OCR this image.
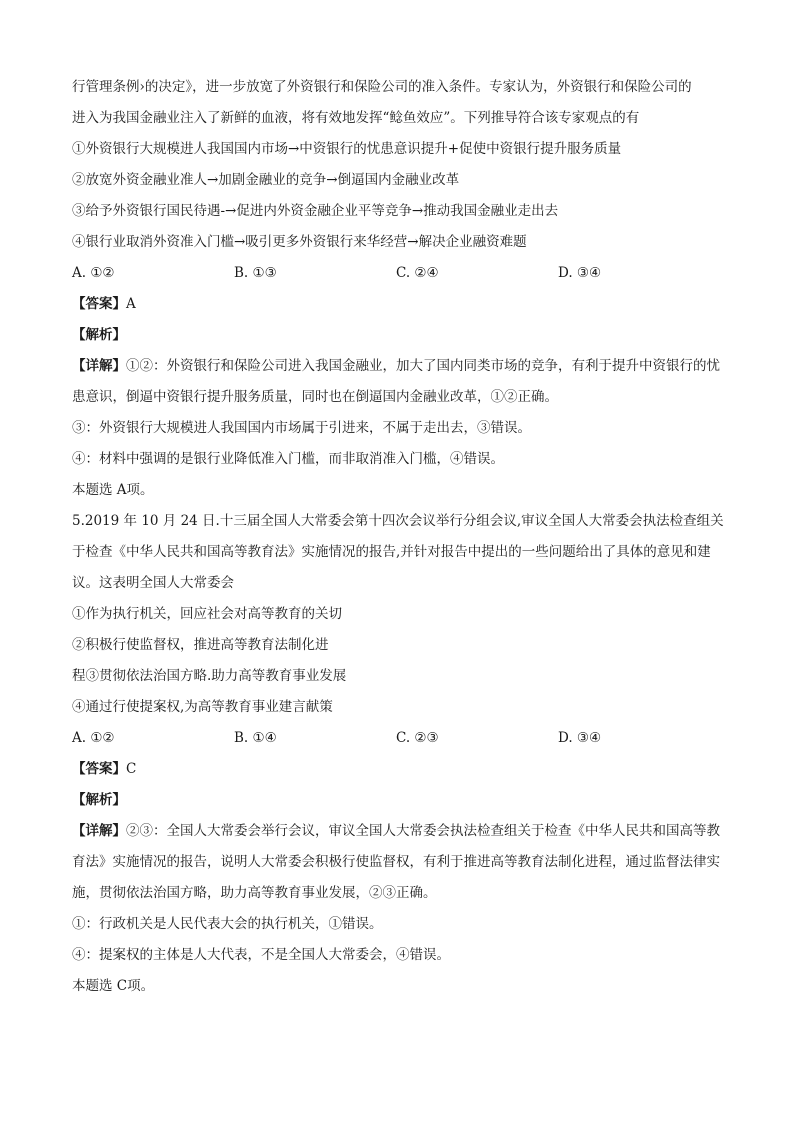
行管理条例›的决定》，进一步放宽了外资银行和保险公司的准入条件。专家认为，外资银行和保险公司的
进入为我国金融业注入了新鲜的血液，将有效地发挥“鲶鱼效应”。下列推导符合该专家观点的有
①外资银行大规模进人我国国内市场→中资银行的忧患意识提升+促使中资银行提升服务质量
②放宽外资金融业准人→加剧金融业的竞争→倒逼国内金融业改革
③给予外资银行国民待遇-→促进内外资金融企业平等竞争→推动我国金融业走出去
④银行业取消外资准入门槛→吸引更多外资银行来华经营→解决企业融资难题
A. ①②	B. ①③	C. ②④	D. ③④
【答案】A
【解析】
【详解】①②：外资银行和保险公司进入我国金融业，加大了国内同类市场的竞争，有利于提升中资银行的忧患意识，倒逼中资银行提升服务质量，同时也在倒逼国内金融业改革，①②正确。
③：外资银行大规模进人我国国内市场属于引进来，不属于走出去，③错误。
④：材料中强调的是银行业降低准入门槛，而非取消准入门槛，④错误。
本题选 A项。
5.2019 年 10 月 24 日.十三届全国人大常委会第十四次会议举行分组会议,审议全国人大常委会执法检查组关于检查《中华人民共和国高等教育法》实施情况的报告,并针对报告中提出的一些问题给出了具体的意见和建议。这表明全国人大常委会
①作为执行机关，回应社会对高等教育的关切
②积极行使监督权，推进高等教育法制化进
程③贯彻依法治国方略.助力高等教育事业发展
④通过行使提案权,为高等教育事业建言献策
A. ①②	B. ①④	C. ②③	D. ③④
【答案】C
【解析】
【详解】②③：全国人大常委会举行会议，审议全国人大常委会执法检查组关于检查《中华人民共和国高等教育法》实施情况的报告，说明人大常委会积极行使监督权，有利于推进高等教育法制化进程，通过监督法律实施，贯彻依法治国方略，助力高等教育事业发展，②③正确。
①：行政机关是人民代表大会的执行机关，①错误。
④：提案权的主体是人大代表，不是全国人大常委会，④错误。
本题选 C项。
